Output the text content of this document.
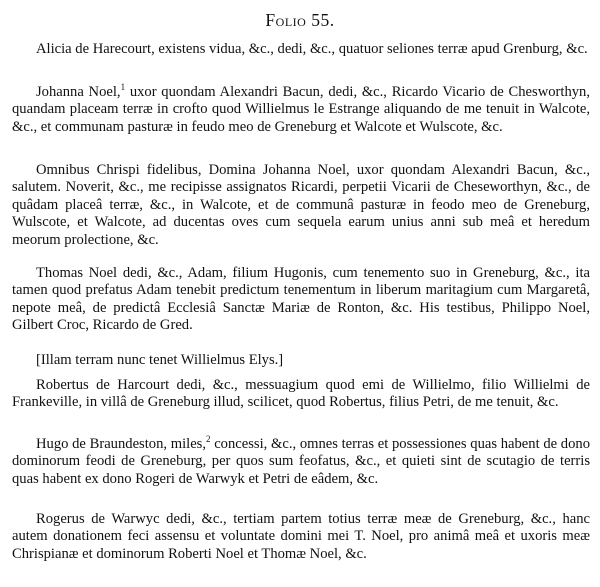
Folio 55.

Alicia de Harecourt, existens vidua, &c., dedi, &c., quatuor seliones terræ apud Grenburg, &c.

Johanna Noel,$^1$ uxor quondam Alexandri Bacun, dedi, &c., Ricardo Vicario de Chesworthyn, quandam placeam terræ in crofto quod Willielmus le Estrange aliquando de me tenuit in Walcote, &c., et communam pasturæ in feudo meo de Greneburg et Walcote et Wulscote, &c.

Omnibus Chrispi fidelibus, Domina Johanna Noel, uxor quondam Alexandri Bacun, &c., salutem. Noverit, &c., me recipisse assignatos Ricardi, perpetii Vicarii de Cheseworthyn, &c., de quâdam placeâ terræ, &c., in Walcote, et de communâ pasturæ in feodo meo de Greneburg, Wulscote, et Walcote, ad ducentas oves cum sequela earum unius anni sub meâ et heredum meorum prolectione, &c.

Thomas Noel dedi, &c., Adam, filium Hugonis, cum tenemento suo in Greneburg, &c., ita tamen quod prefatus Adam tenebit predictum tenementum in liberum maritagium cum Margaretâ, nepote meâ, de predictâ Ecclesiâ Sanctæ Mariæ de Ronton, &c. His testibus, Philippo Noel, Gilbert Croc, Ricardo de Gred.

[Illam terram nunc tenet Willielmus Elys.]

Robertus de Harcourt dedi, &c., messuagium quod emi de Willielmo, filio Willielmi de Frankeville, in villâ de Greneburg illud, scilicet, quod Robertus, filius Petri, de me tenuit, &c.

Hugo de Braundeston, miles,$^2$ concessi, &c., omnes terras et possessiones quas habent de dono dominorum feodi de Greneburg, per quos sum feofatus, &c., et quieti sint de scutagio de terris quas habent ex dono Rogeri de Warwyk et Petri de eâdem, &c.

Rogerus de Warwyc dedi, &c., tertiam partem totius terræ meæ de Greneburg, &c., hanc autem donationem feci assensu et voluntate domini mei T. Noel, pro animâ meâ et uxoris meæ Chrispianæ et dominorum Roberti Noel et Thomæ Noel, &c.
